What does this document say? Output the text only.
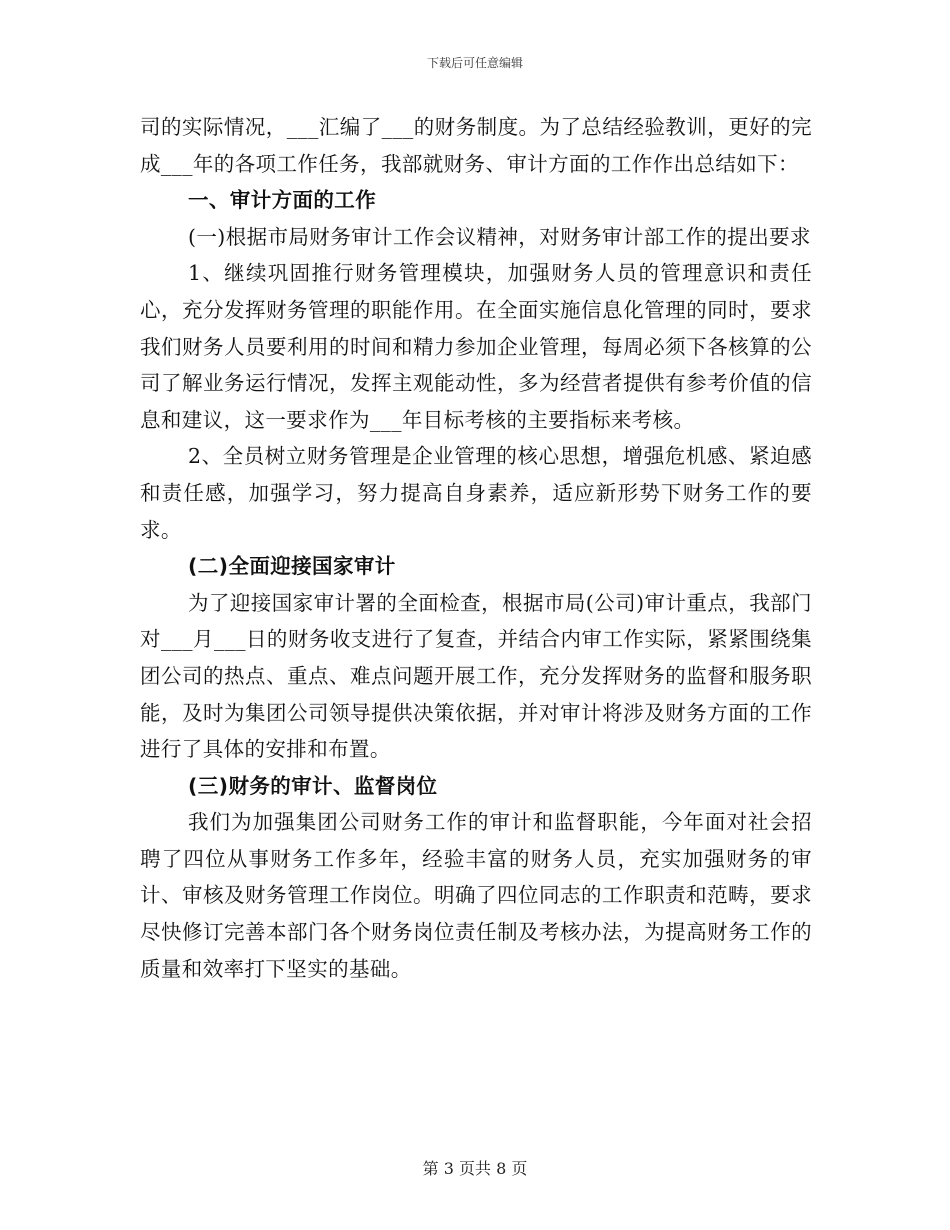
下载后可任意编辑

司的实际情况，___汇编了___的财务制度。为了总结经验教训，更好的完成___年的各项工作任务，我部就财务、审计方面的工作作出总结如下：

一、审计方面的工作

(一)根据市局财务审计工作会议精神，对财务审计部工作的提出要求

1、继续巩固推行财务管理模块，加强财务人员的管理意识和责任心，充分发挥财务管理的职能作用。在全面实施信息化管理的同时，要求我们财务人员要利用的时间和精力参加企业管理，每周必须下各核算的公司了解业务运行情况，发挥主观能动性，多为经营者提供有参考价值的信息和建议，这一要求作为___年目标考核的主要指标来考核。

2、全员树立财务管理是企业管理的核心思想，增强危机感、紧迫感和责任感，加强学习，努力提高自身素养，适应新形势下财务工作的要求。

(二)全面迎接国家审计

为了迎接国家审计署的全面检查，根据市局(公司)审计重点，我部门对___月___日的财务收支进行了复查，并结合内审工作实际，紧紧围绕集团公司的热点、重点、难点问题开展工作，充分发挥财务的监督和服务职能，及时为集团公司领导提供决策依据，并对审计将涉及财务方面的工作进行了具体的安排和布置。

(三)财务的审计、监督岗位

我们为加强集团公司财务工作的审计和监督职能，今年面对社会招聘了四位从事财务工作多年，经验丰富的财务人员，充实加强财务的审计、审核及财务管理工作岗位。明确了四位同志的工作职责和范畴，要求尽快修订完善本部门各个财务岗位责任制及考核办法，为提高财务工作的质量和效率打下坚实的基础。

第 3 页共 8 页
